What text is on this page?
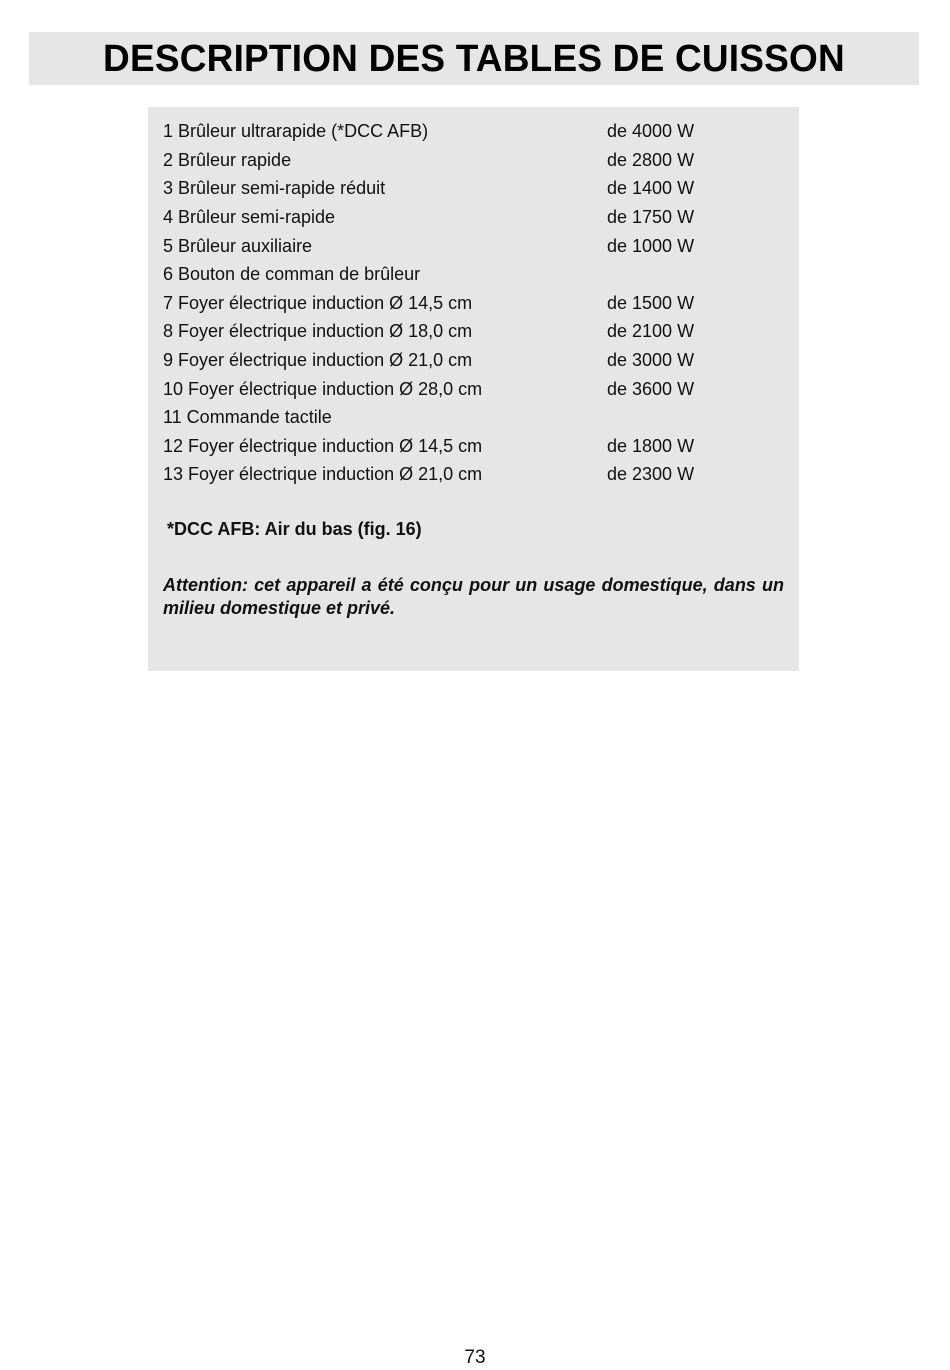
DESCRIPTION DES TABLES DE CUISSON
1 Brûleur ultrarapide (*DCC AFB)	de 4000 W
2 Brûleur rapide	de 2800 W
3 Brûleur semi-rapide réduit	de 1400 W
4 Brûleur semi-rapide	de 1750 W
5 Brûleur auxiliaire	de 1000 W
6 Bouton de comman de brûleur
7 Foyer électrique induction Ø 14,5 cm	de 1500 W
8 Foyer électrique induction Ø 18,0 cm	de 2100 W
9 Foyer électrique induction Ø 21,0 cm	de 3000 W
10 Foyer électrique induction Ø 28,0 cm	de 3600 W
11 Commande tactile
12 Foyer électrique induction Ø 14,5 cm	de 1800 W
13 Foyer électrique induction Ø 21,0 cm	de 2300 W

*DCC AFB: Air du bas (fig. 16)

Attention: cet appareil a été conçu pour un usage domestique, dans un milieu domestique et privé.

73
